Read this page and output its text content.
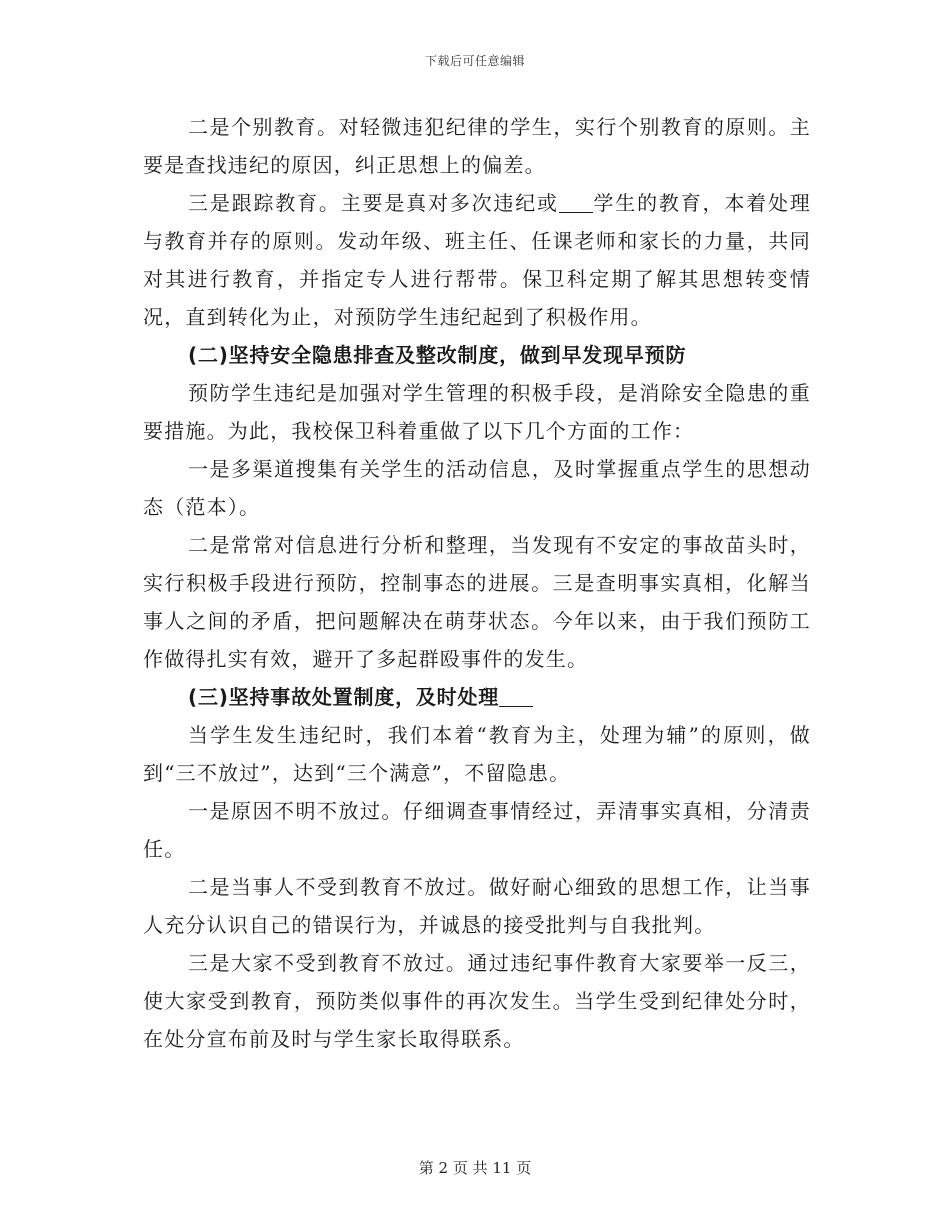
下载后可任意编辑

二是个别教育。对轻微违犯纪律的学生，实行个别教育的原则。主要是查找违纪的原因，纠正思想上的偏差。

三是跟踪教育。主要是真对多次违纪或 学生的教育，本着处理与教育并存的原则。发动年级、班主任、任课老师和家长的力量，共同对其进行教育，并指定专人进行帮带。保卫科定期了解其思想转变情况，直到转化为止，对预防学生违纪起到了积极作用。

(二)坚持安全隐患排查及整改制度，做到早发现早预防

预防学生违纪是加强对学生管理的积极手段，是消除安全隐患的重要措施。为此，我校保卫科着重做了以下几个方面的工作：

一是多渠道搜集有关学生的活动信息，及时掌握重点学生的思想动态（范本）。

二是常常对信息进行分析和整理，当发现有不安定的事故苗头时，实行积极手段进行预防，控制事态的进展。三是查明事实真相，化解当事人之间的矛盾，把问题解决在萌芽状态。今年以来，由于我们预防工作做得扎实有效，避开了多起群殴事件的发生。

(三)坚持事故处置制度，及时处理

当学生发生违纪时，我们本着“教育为主，处理为辅”的原则，做到“三不放过”，达到“三个满意”，不留隐患。

一是原因不明不放过。仔细调查事情经过，弄清事实真相，分清责任。

二是当事人不受到教育不放过。做好耐心细致的思想工作，让当事人充分认识自己的错误行为，并诚恳的接受批判与自我批判。

三是大家不受到教育不放过。通过违纪事件教育大家要举一反三，使大家受到教育，预防类似事件的再次发生。当学生受到纪律处分时，在处分宣布前及时与学生家长取得联系。

第 2 页 共 11 页
